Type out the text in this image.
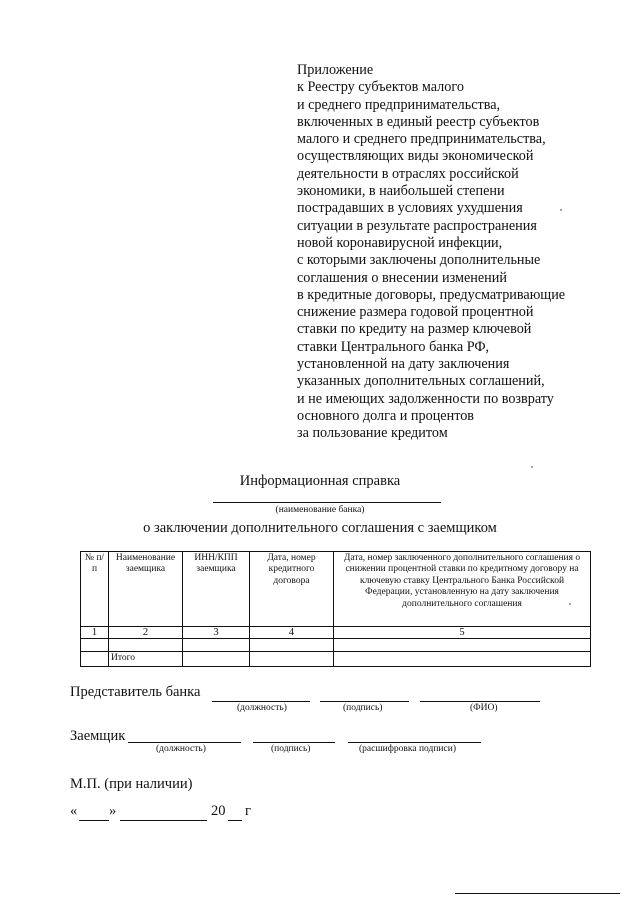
Приложение
к Реестру субъектов малого
и среднего предпринимательства,
включенных в единый реестр субъектов
малого и среднего предпринимательства,
осуществляющих виды экономической
деятельности в отраслях российской
экономики, в наибольшей степени
пострадавших в условиях ухудшения
ситуации в результате распространения
новой коронавирусной инфекции,
с которыми заключены дополнительные
соглашения о внесении изменений
в кредитные договоры, предусматривающие
снижение размера годовой процентной
ставки по кредиту на размер ключевой
ставки Центрального банка РФ,
установленной на дату заключения
указанных дополнительных соглашений,
и не имеющих задолженности по возврату
основного долга и процентов
за пользование кредитом
Информационная справка
(наименование банка)
о заключении дополнительного соглашения с заемщиком
№ п/п	Наименование заемщика	ИНН/КПП заемщика	Дата, номер кредитного договора	Дата, номер заключенного дополнительного соглашения о снижении процентной ставки по кредитному договору на ключевую ставку Центрального Банка Российской Федерации, установленную на дату заключения дополнительного соглашения
1	2	3	4	5

	Итого			
Представитель банка
(должность)	(подпись)	(ФИО)
Заемщик
(должность)	(подпись)	(расшифровка подписи)
М.П. (при наличии)
« »	20 г
